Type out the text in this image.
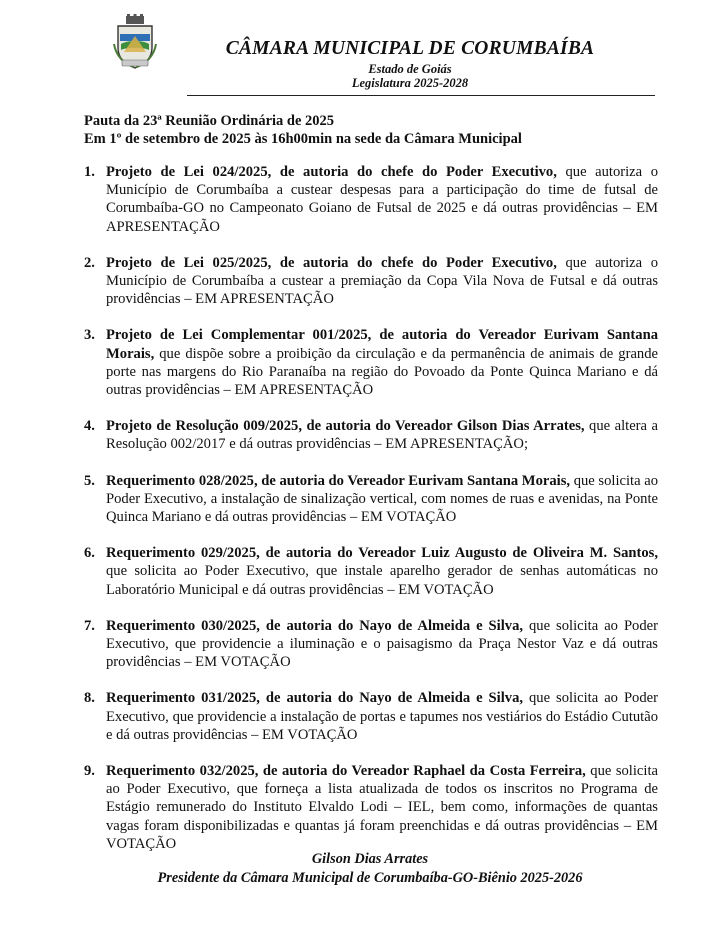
CÂMARA MUNICIPAL DE CORUMBAÍBA
Estado de Goiás
Legislatura 2025-2028
Pauta da 23ª Reunião Ordinária de 2025
Em 1º de setembro de 2025 às 16h00min na sede da Câmara Municipal
1. Projeto de Lei 024/2025, de autoria do chefe do Poder Executivo, que autoriza o Município de Corumbaíba a custear despesas para a participação do time de futsal de Corumbaíba-GO no Campeonato Goiano de Futsal de 2025 e dá outras providências – EM APRESENTAÇÃO
2. Projeto de Lei 025/2025, de autoria do chefe do Poder Executivo, que autoriza o Município de Corumbaíba a custear a premiação da Copa Vila Nova de Futsal e dá outras providências – EM APRESENTAÇÃO
3. Projeto de Lei Complementar 001/2025, de autoria do Vereador Eurivam Santana Morais, que dispõe sobre a proibição da circulação e da permanência de animais de grande porte nas margens do Rio Paranaíba na região do Povoado da Ponte Quinca Mariano e dá outras providências – EM APRESENTAÇÃO
4. Projeto de Resolução 009/2025, de autoria do Vereador Gilson Dias Arrates, que altera a Resolução 002/2017 e dá outras providências – EM APRESENTAÇÃO;
5. Requerimento 028/2025, de autoria do Vereador Eurivam Santana Morais, que solicita ao Poder Executivo, a instalação de sinalização vertical, com nomes de ruas e avenidas, na Ponte Quinca Mariano e dá outras providências – EM VOTAÇÃO
6. Requerimento 029/2025, de autoria do Vereador Luiz Augusto de Oliveira M. Santos, que solicita ao Poder Executivo, que instale aparelho gerador de senhas automáticas no Laboratório Municipal e dá outras providências – EM VOTAÇÃO
7. Requerimento 030/2025, de autoria do Nayo de Almeida e Silva, que solicita ao Poder Executivo, que providencie a iluminação e o paisagismo da Praça Nestor Vaz e dá outras providências – EM VOTAÇÃO
8. Requerimento 031/2025, de autoria do Nayo de Almeida e Silva, que solicita ao Poder Executivo, que providencie a instalação de portas e tapumes nos vestiários do Estádio Cututão e dá outras providências – EM VOTAÇÃO
9. Requerimento 032/2025, de autoria do Vereador Raphael da Costa Ferreira, que solicita ao Poder Executivo, que forneça a lista atualizada de todos os inscritos no Programa de Estágio remunerado do Instituto Elvaldo Lodi – IEL, bem como, informações de quantas vagas foram disponibilizadas e quantas já foram preenchidas e dá outras providências – EM VOTAÇÃO
Gilson Dias Arrates
Presidente da Câmara Municipal de Corumbaíba-GO-Biênio 2025-2026
